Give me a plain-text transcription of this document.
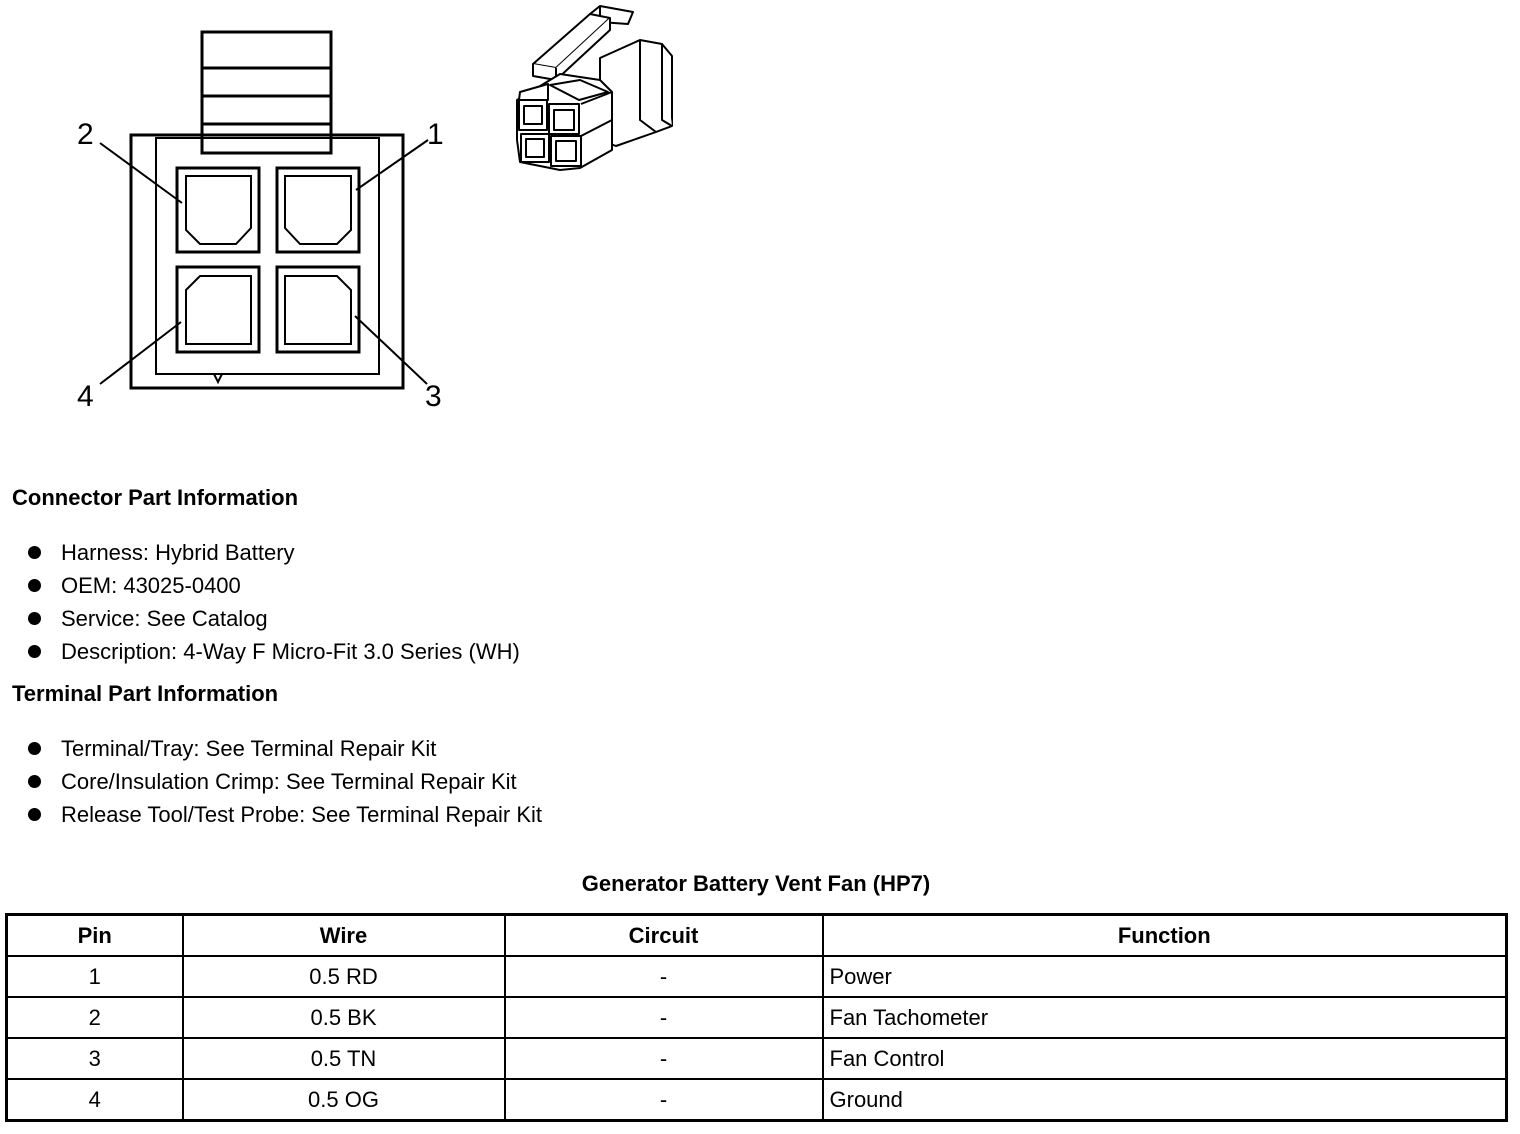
1
2
3
4
Connector Part Information
Harness: Hybrid Battery
OEM: 43025-0400
Service: See Catalog
Description: 4-Way F Micro-Fit 3.0 Series (WH)
Terminal Part Information
Terminal/Tray: See Terminal Repair Kit
Core/Insulation Crimp: See Terminal Repair Kit
Release Tool/Test Probe: See Terminal Repair Kit
Generator Battery Vent Fan (HP7)
Pin	Wire	Circuit	Function
1	0.5 RD	-	Power
2	0.5 BK	-	Fan Tachometer
3	0.5 TN	-	Fan Control
4	0.5 OG	-	Ground
